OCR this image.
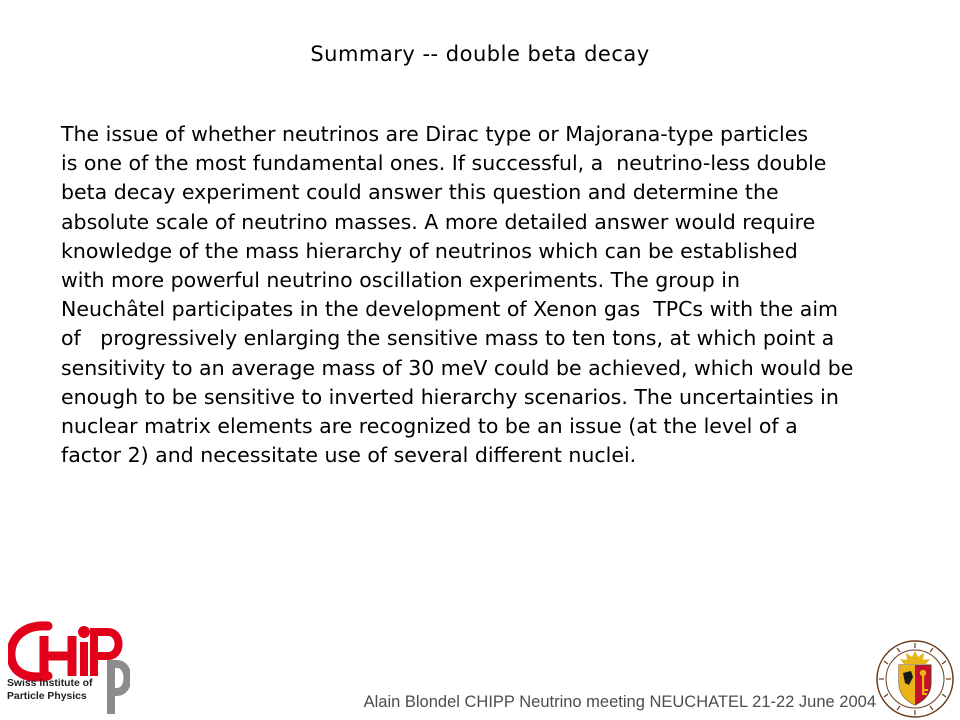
Summary -- double beta decay
The issue of whether neutrinos are Dirac type or Majorana-type particles
is one of the most fundamental ones. If successful, a  neutrino-less double
beta decay experiment could answer this question and determine the
absolute scale of neutrino masses. A more detailed answer would require
knowledge of the mass hierarchy of neutrinos which can be established
with more powerful neutrino oscillation experiments. The group in
Neuchâtel participates in the development of Xenon gas  TPCs with the aim
of   progressively enlarging the sensitive mass to ten tons, at which point a
sensitivity to an average mass of 30 meV could be achieved, which would be
enough to be sensitive to inverted hierarchy scenarios. The uncertainties in
nuclear matrix elements are recognized to be an issue (at the level of a
factor 2) and necessitate use of several different nuclei.
Swiss Institute of
Particle Physics	Alain Blondel CHIPP Neutrino meeting NEUCHATEL 21-22 June 2004
